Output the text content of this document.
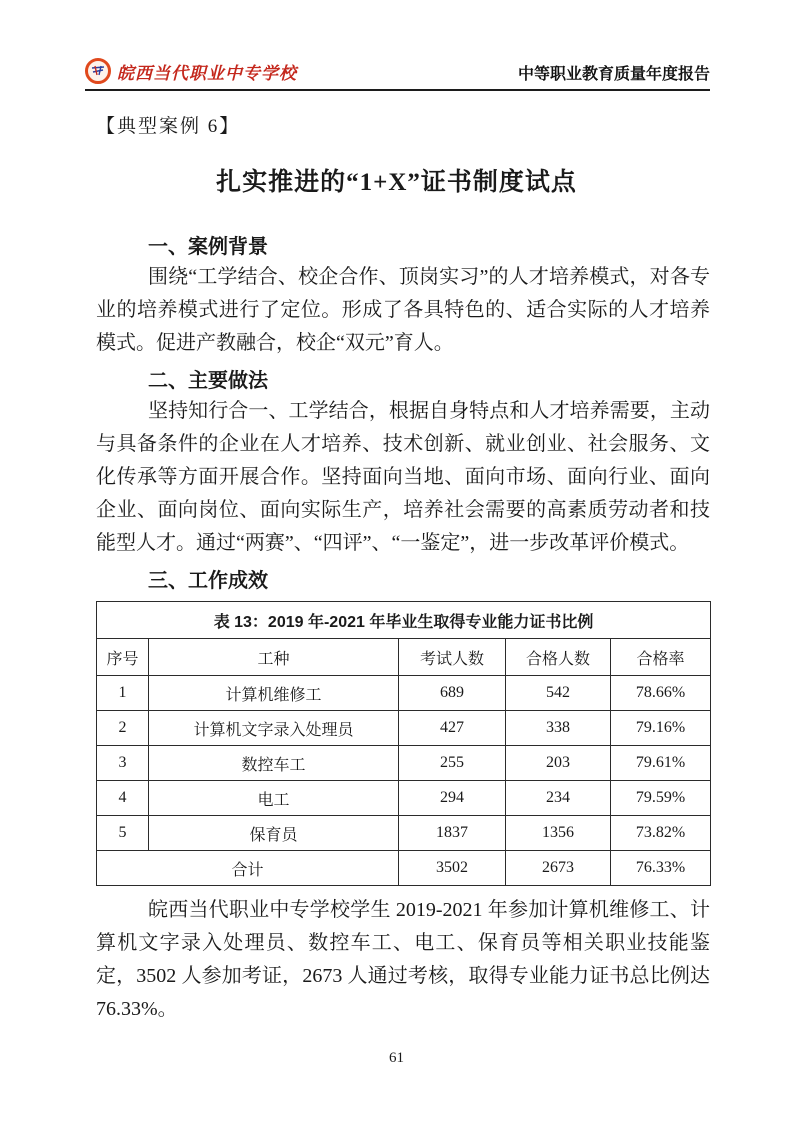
皖西当代职业中专学校	中等职业教育质量年度报告
【典型案例 6】
扎实推进的“1+X”证书制度试点
一、案例背景

围绕“工学结合、校企合作、顶岗实习”的人才培养模式，对各专业的培养模式进行了定位。形成了各具特色的、适合实际的人才培养模式。促进产教融合，校企“双元”育人。

二、主要做法

坚持知行合一、工学结合，根据自身特点和人才培养需要，主动与具备条件的企业在人才培养、技术创新、就业创业、社会服务、文化传承等方面开展合作。坚持面向当地、面向市场、面向行业、面向企业、面向岗位、面向实际生产，培养社会需要的高素质劳动者和技能型人才。通过“两赛”、“四评”、“一鉴定”，进一步改革评价模式。

三、工作成效
表 13：2019 年-2021 年毕业生取得专业能力证书比例				
序号	工种	考试人数	合格人数	合格率
1	计算机维修工	689	542	78.66%
2	计算机文字录入处理员	427	338	79.16%
3	数控车工	255	203	79.61%
4	电工	294	234	79.59%
5	保育员	1837	1356	73.82%
合计		3502	2673	76.33%

皖西当代职业中专学校学生 2019-2021 年参加计算机维修工、计算机文字录入处理员、数控车工、电工、保育员等相关职业技能鉴定，3502 人参加考证，2673 人通过考核，取得专业能力证书总比例达 76.33%。

61
